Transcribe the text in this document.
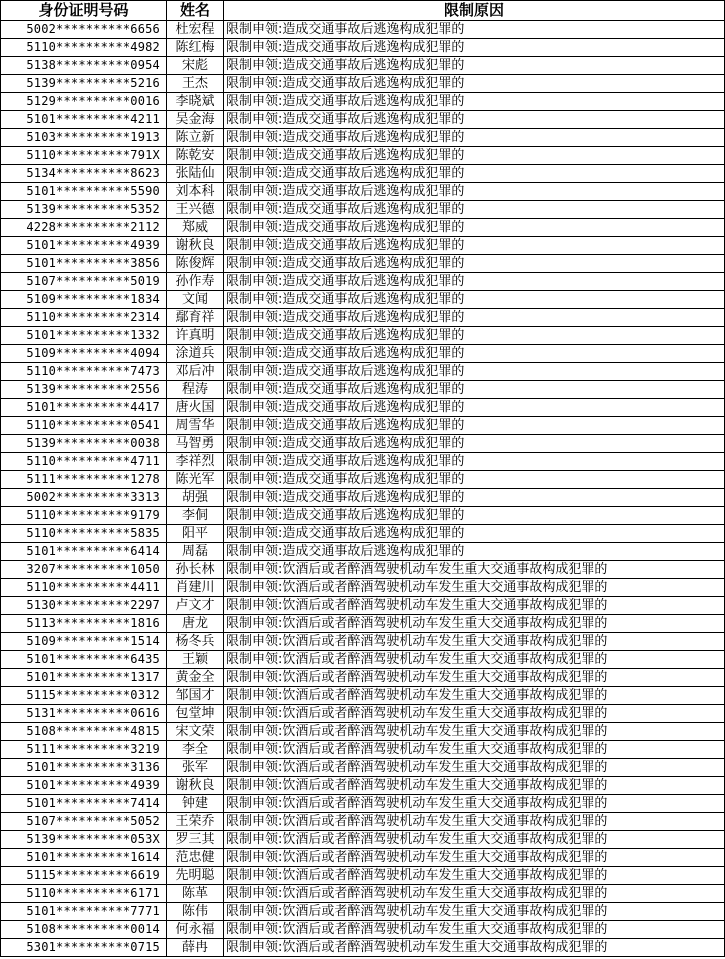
身份证明号码	姓名	限制原因
5002**********6656	杜宏程	限制申领:造成交通事故后逃逸构成犯罪的
5110**********4982	陈红梅	限制申领:造成交通事故后逃逸构成犯罪的
5138**********0954	宋彪	限制申领:造成交通事故后逃逸构成犯罪的
5139**********5216	王杰	限制申领:造成交通事故后逃逸构成犯罪的
5129**********0016	李晓斌	限制申领:造成交通事故后逃逸构成犯罪的
5101**********4211	吴金海	限制申领:造成交通事故后逃逸构成犯罪的
5103**********1913	陈立新	限制申领:造成交通事故后逃逸构成犯罪的
5110**********791X	陈乾安	限制申领:造成交通事故后逃逸构成犯罪的
5134**********8623	张陆仙	限制申领:造成交通事故后逃逸构成犯罪的
5101**********5590	刘本科	限制申领:造成交通事故后逃逸构成犯罪的
5139**********5352	王兴德	限制申领:造成交通事故后逃逸构成犯罪的
4228**********2112	郑威	限制申领:造成交通事故后逃逸构成犯罪的
5101**********4939	谢秋良	限制申领:造成交通事故后逃逸构成犯罪的
5101**********3856	陈俊辉	限制申领:造成交通事故后逃逸构成犯罪的
5107**********5019	孙作寿	限制申领:造成交通事故后逃逸构成犯罪的
5109**********1834	文闻	限制申领:造成交通事故后逃逸构成犯罪的
5110**********2314	鄢育祥	限制申领:造成交通事故后逃逸构成犯罪的
5101**********1332	许真明	限制申领:造成交通事故后逃逸构成犯罪的
5109**********4094	涂道兵	限制申领:造成交通事故后逃逸构成犯罪的
5110**********7473	邓后冲	限制申领:造成交通事故后逃逸构成犯罪的
5139**********2556	程涛	限制申领:造成交通事故后逃逸构成犯罪的
5101**********4417	唐火国	限制申领:造成交通事故后逃逸构成犯罪的
5110**********0541	周雪华	限制申领:造成交通事故后逃逸构成犯罪的
5139**********0038	马智勇	限制申领:造成交通事故后逃逸构成犯罪的
5110**********4711	李祥烈	限制申领:造成交通事故后逃逸构成犯罪的
5111**********1278	陈光军	限制申领:造成交通事故后逃逸构成犯罪的
5002**********3313	胡强	限制申领:造成交通事故后逃逸构成犯罪的
5110**********9179	李侗	限制申领:造成交通事故后逃逸构成犯罪的
5110**********5835	阳平	限制申领:造成交通事故后逃逸构成犯罪的
5101**********6414	周磊	限制申领:造成交通事故后逃逸构成犯罪的
3207**********1050	孙长林	限制申领:饮酒后或者醉酒驾驶机动车发生重大交通事故构成犯罪的
5110**********4411	肖建川	限制申领:饮酒后或者醉酒驾驶机动车发生重大交通事故构成犯罪的
5130**********2297	卢文才	限制申领:饮酒后或者醉酒驾驶机动车发生重大交通事故构成犯罪的
5113**********1816	唐龙	限制申领:饮酒后或者醉酒驾驶机动车发生重大交通事故构成犯罪的
5109**********1514	杨冬兵	限制申领:饮酒后或者醉酒驾驶机动车发生重大交通事故构成犯罪的
5101**********6435	王颖	限制申领:饮酒后或者醉酒驾驶机动车发生重大交通事故构成犯罪的
5101**********1317	黄金全	限制申领:饮酒后或者醉酒驾驶机动车发生重大交通事故构成犯罪的
5115**********0312	邹国才	限制申领:饮酒后或者醉酒驾驶机动车发生重大交通事故构成犯罪的
5131**********0616	包堂坤	限制申领:饮酒后或者醉酒驾驶机动车发生重大交通事故构成犯罪的
5108**********4815	宋文荣	限制申领:饮酒后或者醉酒驾驶机动车发生重大交通事故构成犯罪的
5111**********3219	李全	限制申领:饮酒后或者醉酒驾驶机动车发生重大交通事故构成犯罪的
5101**********3136	张军	限制申领:饮酒后或者醉酒驾驶机动车发生重大交通事故构成犯罪的
5101**********4939	谢秋良	限制申领:饮酒后或者醉酒驾驶机动车发生重大交通事故构成犯罪的
5101**********7414	钟建	限制申领:饮酒后或者醉酒驾驶机动车发生重大交通事故构成犯罪的
5107**********5052	王荣乔	限制申领:饮酒后或者醉酒驾驶机动车发生重大交通事故构成犯罪的
5139**********053X	罗三其	限制申领:饮酒后或者醉酒驾驶机动车发生重大交通事故构成犯罪的
5101**********1614	范忠健	限制申领:饮酒后或者醉酒驾驶机动车发生重大交通事故构成犯罪的
5115**********6619	先明聪	限制申领:饮酒后或者醉酒驾驶机动车发生重大交通事故构成犯罪的
5110**********6171	陈革	限制申领:饮酒后或者醉酒驾驶机动车发生重大交通事故构成犯罪的
5101**********7771	陈伟	限制申领:饮酒后或者醉酒驾驶机动车发生重大交通事故构成犯罪的
5108**********0014	何永福	限制申领:饮酒后或者醉酒驾驶机动车发生重大交通事故构成犯罪的
5301**********0715	薛冉	限制申领:饮酒后或者醉酒驾驶机动车发生重大交通事故构成犯罪的
